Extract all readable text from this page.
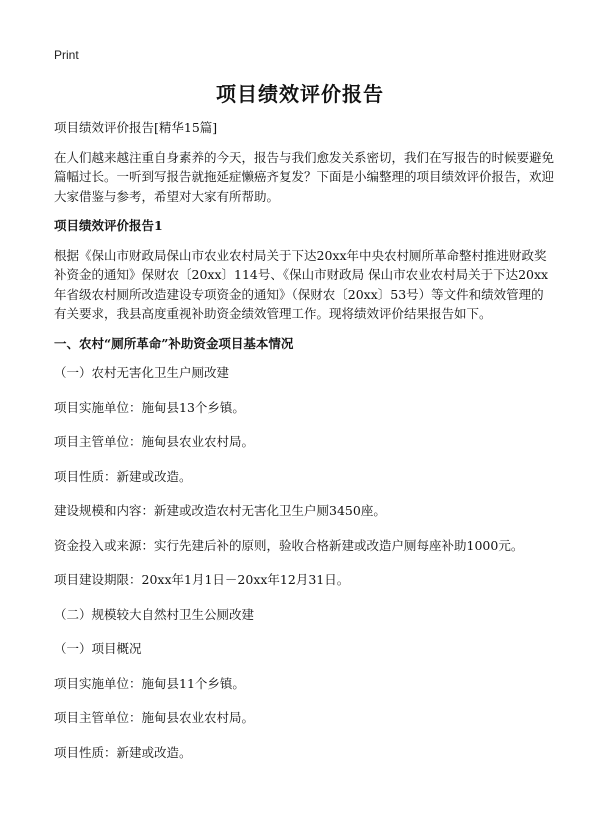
Print
项目绩效评价报告

项目绩效评价报告[精华15篇]

在人们越来越注重自身素养的今天，报告与我们愈发关系密切，我们在写报告的时候要避免篇幅过长。一听到写报告就拖延症懒癌齐复发？下面是小编整理的项目绩效评价报告，欢迎大家借鉴与参考，希望对大家有所帮助。

项目绩效评价报告1

根据《保山市财政局保山市农业农村局关于下达20xx年中央农村厕所革命整村推进财政奖补资金的通知》保财农〔20xx〕114号、《保山市财政局 保山市农业农村局关于下达20xx年省级农村厕所改造建设专项资金的通知》（保财农〔20xx〕53号）等文件和绩效管理的有关要求，我县高度重视补助资金绩效管理工作。现将绩效评价结果报告如下。

一、农村“厕所革命”补助资金项目基本情况

（一）农村无害化卫生户厕改建

项目实施单位：施甸县13个乡镇。

项目主管单位：施甸县农业农村局。

项目性质：新建或改造。

建设规模和内容：新建或改造农村无害化卫生户厕3450座。

资金投入或来源：实行先建后补的原则，验收合格新建或改造户厕每座补助1000元。

项目建设期限：20xx年1月1日－20xx年12月31日。

（二）规模较大自然村卫生公厕改建

（一）项目概况

项目实施单位：施甸县11个乡镇。

项目主管单位：施甸县农业农村局。

项目性质：新建或改造。
